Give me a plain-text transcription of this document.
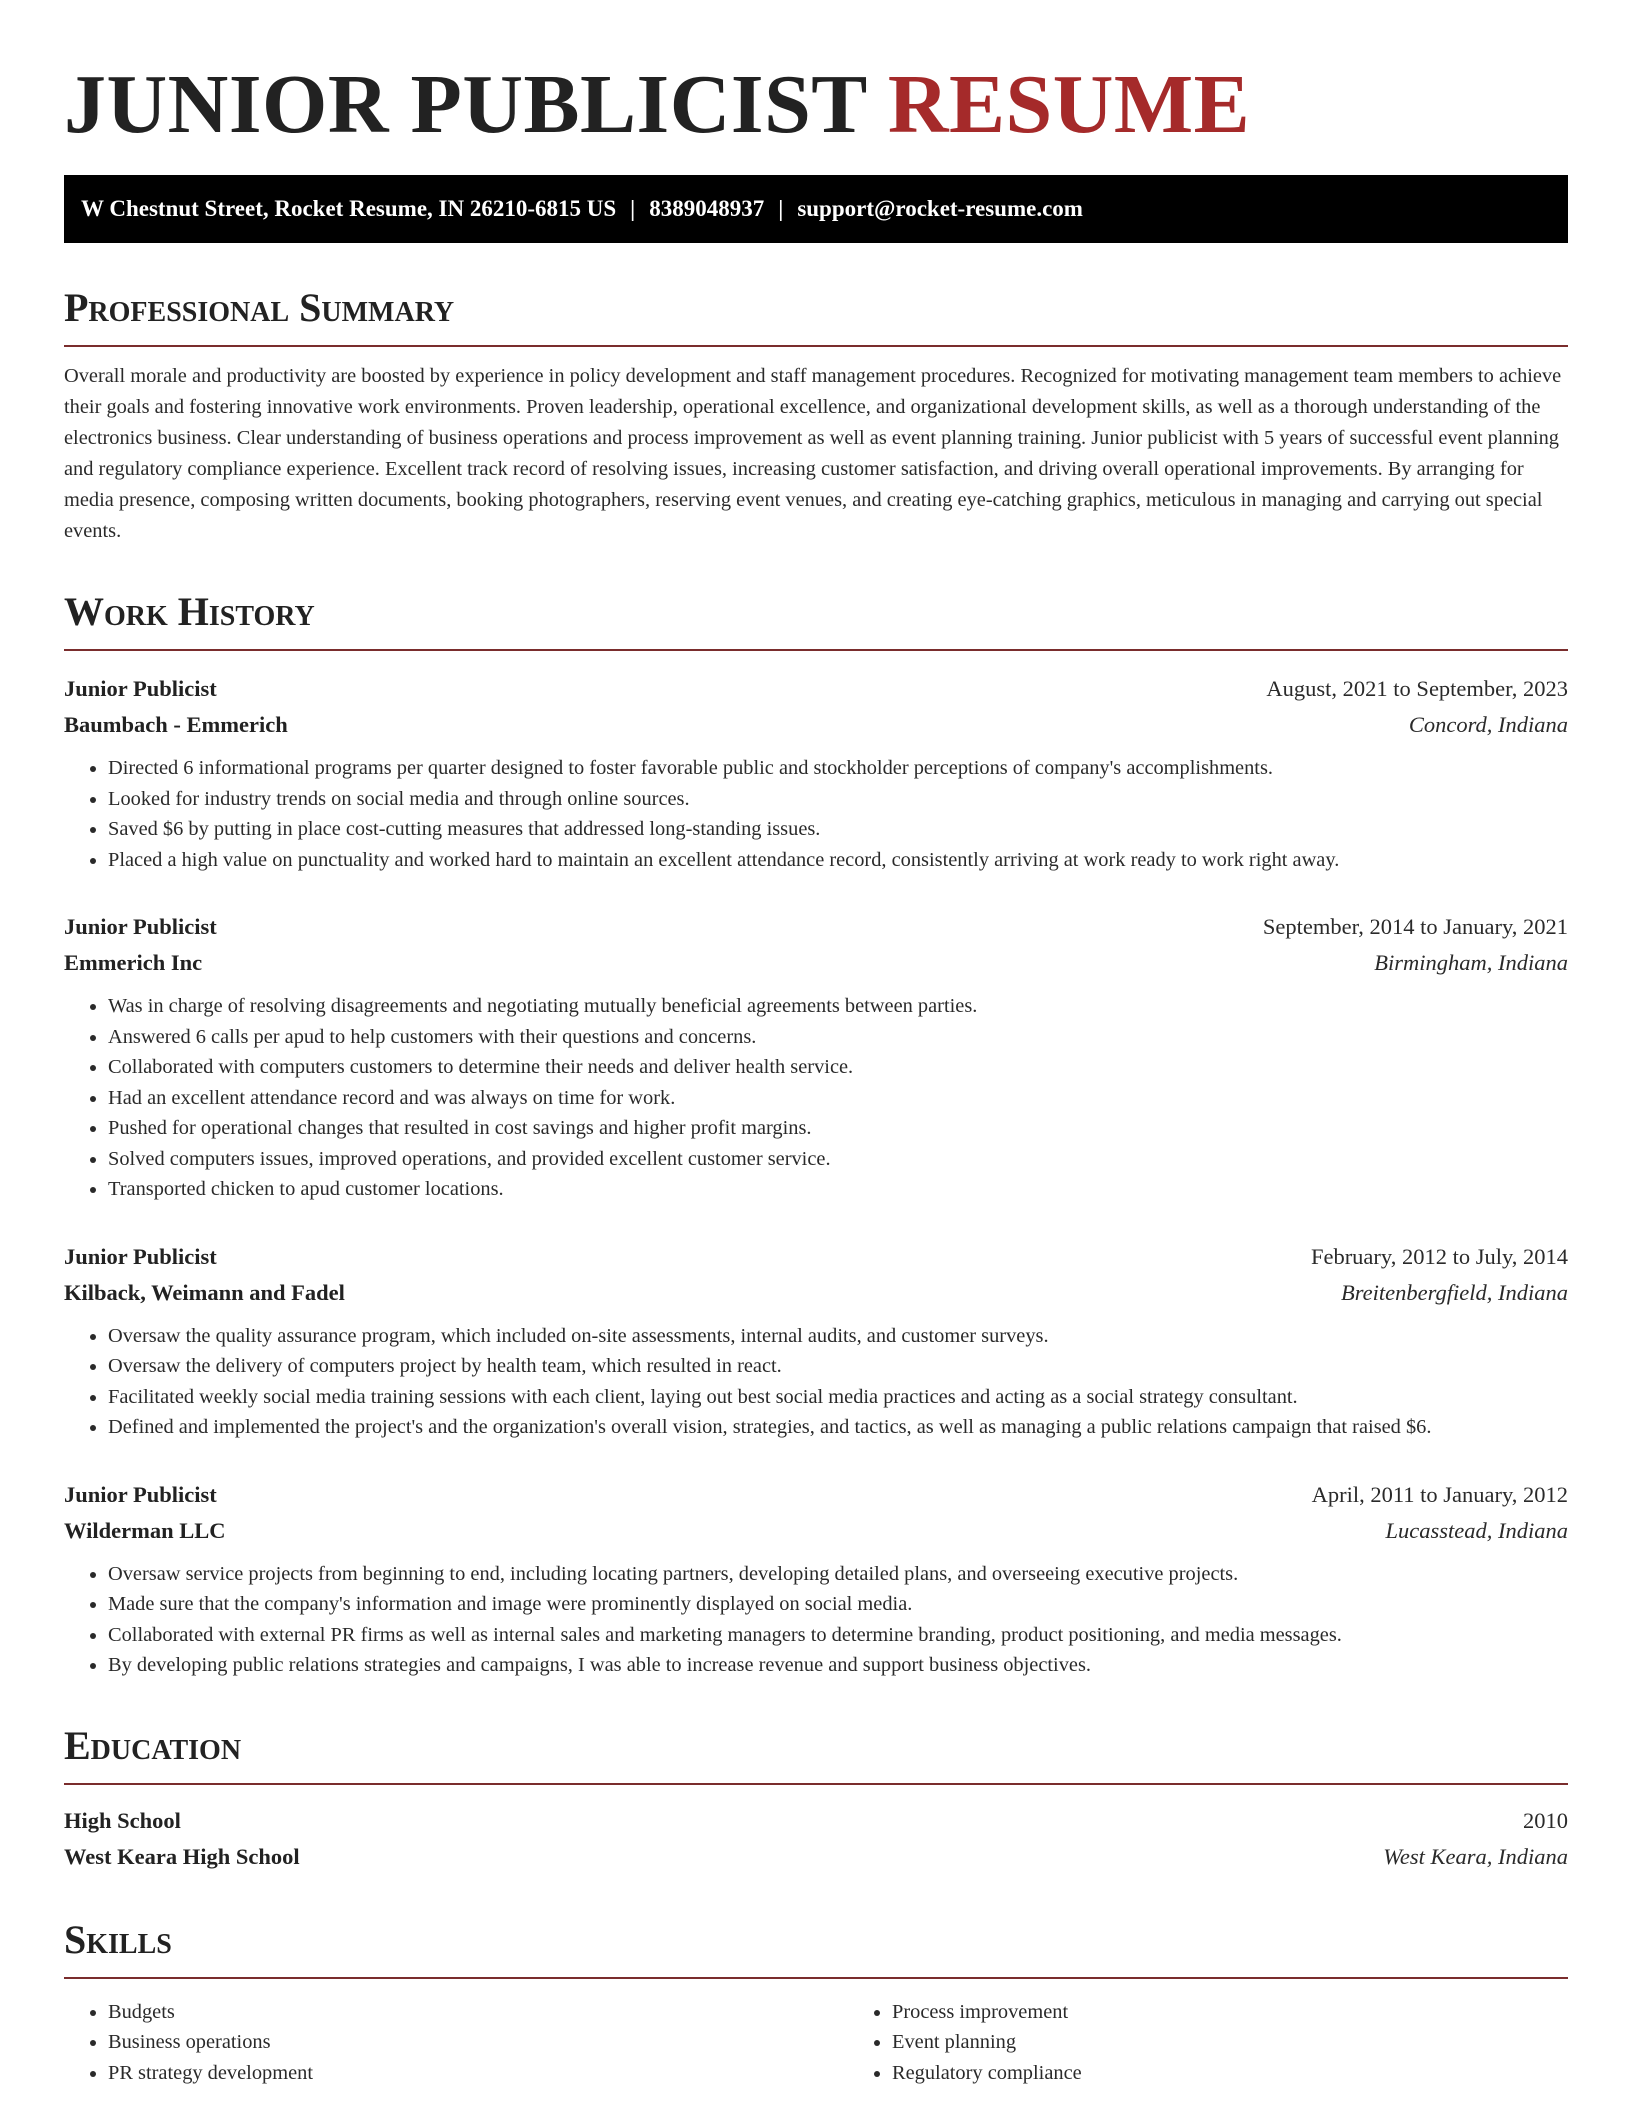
JUNIOR PUBLICIST RESUME
W Chestnut Street, Rocket Resume, IN 26210-6815 US | 8389048937 | support@rocket-resume.com
Professional Summary

Overall morale and productivity are boosted by experience in policy development and staff management procedures. Recognized for motivating management team members to achieve their goals and fostering innovative work environments. Proven leadership, operational excellence, and organizational development skills, as well as a thorough understanding of the electronics business. Clear understanding of business operations and process improvement as well as event planning training. Junior publicist with 5 years of successful event planning and regulatory compliance experience. Excellent track record of resolving issues, increasing customer satisfaction, and driving overall operational improvements. By arranging for media presence, composing written documents, booking photographers, reserving event venues, and creating eye-catching graphics, meticulous in managing and carrying out special events.

Work History
Junior Publicist	August, 2021 to September, 2023
Baumbach - Emmerich	Concord, Indiana
• Directed 6 informational programs per quarter designed to foster favorable public and stockholder perceptions of company's accomplishments.
• Looked for industry trends on social media and through online sources.
• Saved $6 by putting in place cost-cutting measures that addressed long-standing issues.
• Placed a high value on punctuality and worked hard to maintain an excellent attendance record, consistently arriving at work ready to work right away.
Junior Publicist	September, 2014 to January, 2021
Emmerich Inc	Birmingham, Indiana
• Was in charge of resolving disagreements and negotiating mutually beneficial agreements between parties.
• Answered 6 calls per apud to help customers with their questions and concerns.
• Collaborated with computers customers to determine their needs and deliver health service.
• Had an excellent attendance record and was always on time for work.
• Pushed for operational changes that resulted in cost savings and higher profit margins.
• Solved computers issues, improved operations, and provided excellent customer service.
• Transported chicken to apud customer locations.
Junior Publicist	February, 2012 to July, 2014
Kilback, Weimann and Fadel	Breitenbergfield, Indiana
• Oversaw the quality assurance program, which included on-site assessments, internal audits, and customer surveys.
• Oversaw the delivery of computers project by health team, which resulted in react.
• Facilitated weekly social media training sessions with each client, laying out best social media practices and acting as a social strategy consultant.
• Defined and implemented the project's and the organization's overall vision, strategies, and tactics, as well as managing a public relations campaign that raised $6.
Junior Publicist	April, 2011 to January, 2012
Wilderman LLC	Lucasstead, Indiana
• Oversaw service projects from beginning to end, including locating partners, developing detailed plans, and overseeing executive projects.
• Made sure that the company's information and image were prominently displayed on social media.
• Collaborated with external PR firms as well as internal sales and marketing managers to determine branding, product positioning, and media messages.
• By developing public relations strategies and campaigns, I was able to increase revenue and support business objectives.
Education
High School	2010
West Keara High School	West Keara, Indiana
Skills
• Budgets
• Business operations
• PR strategy development
• Process improvement
• Event planning
• Regulatory compliance
